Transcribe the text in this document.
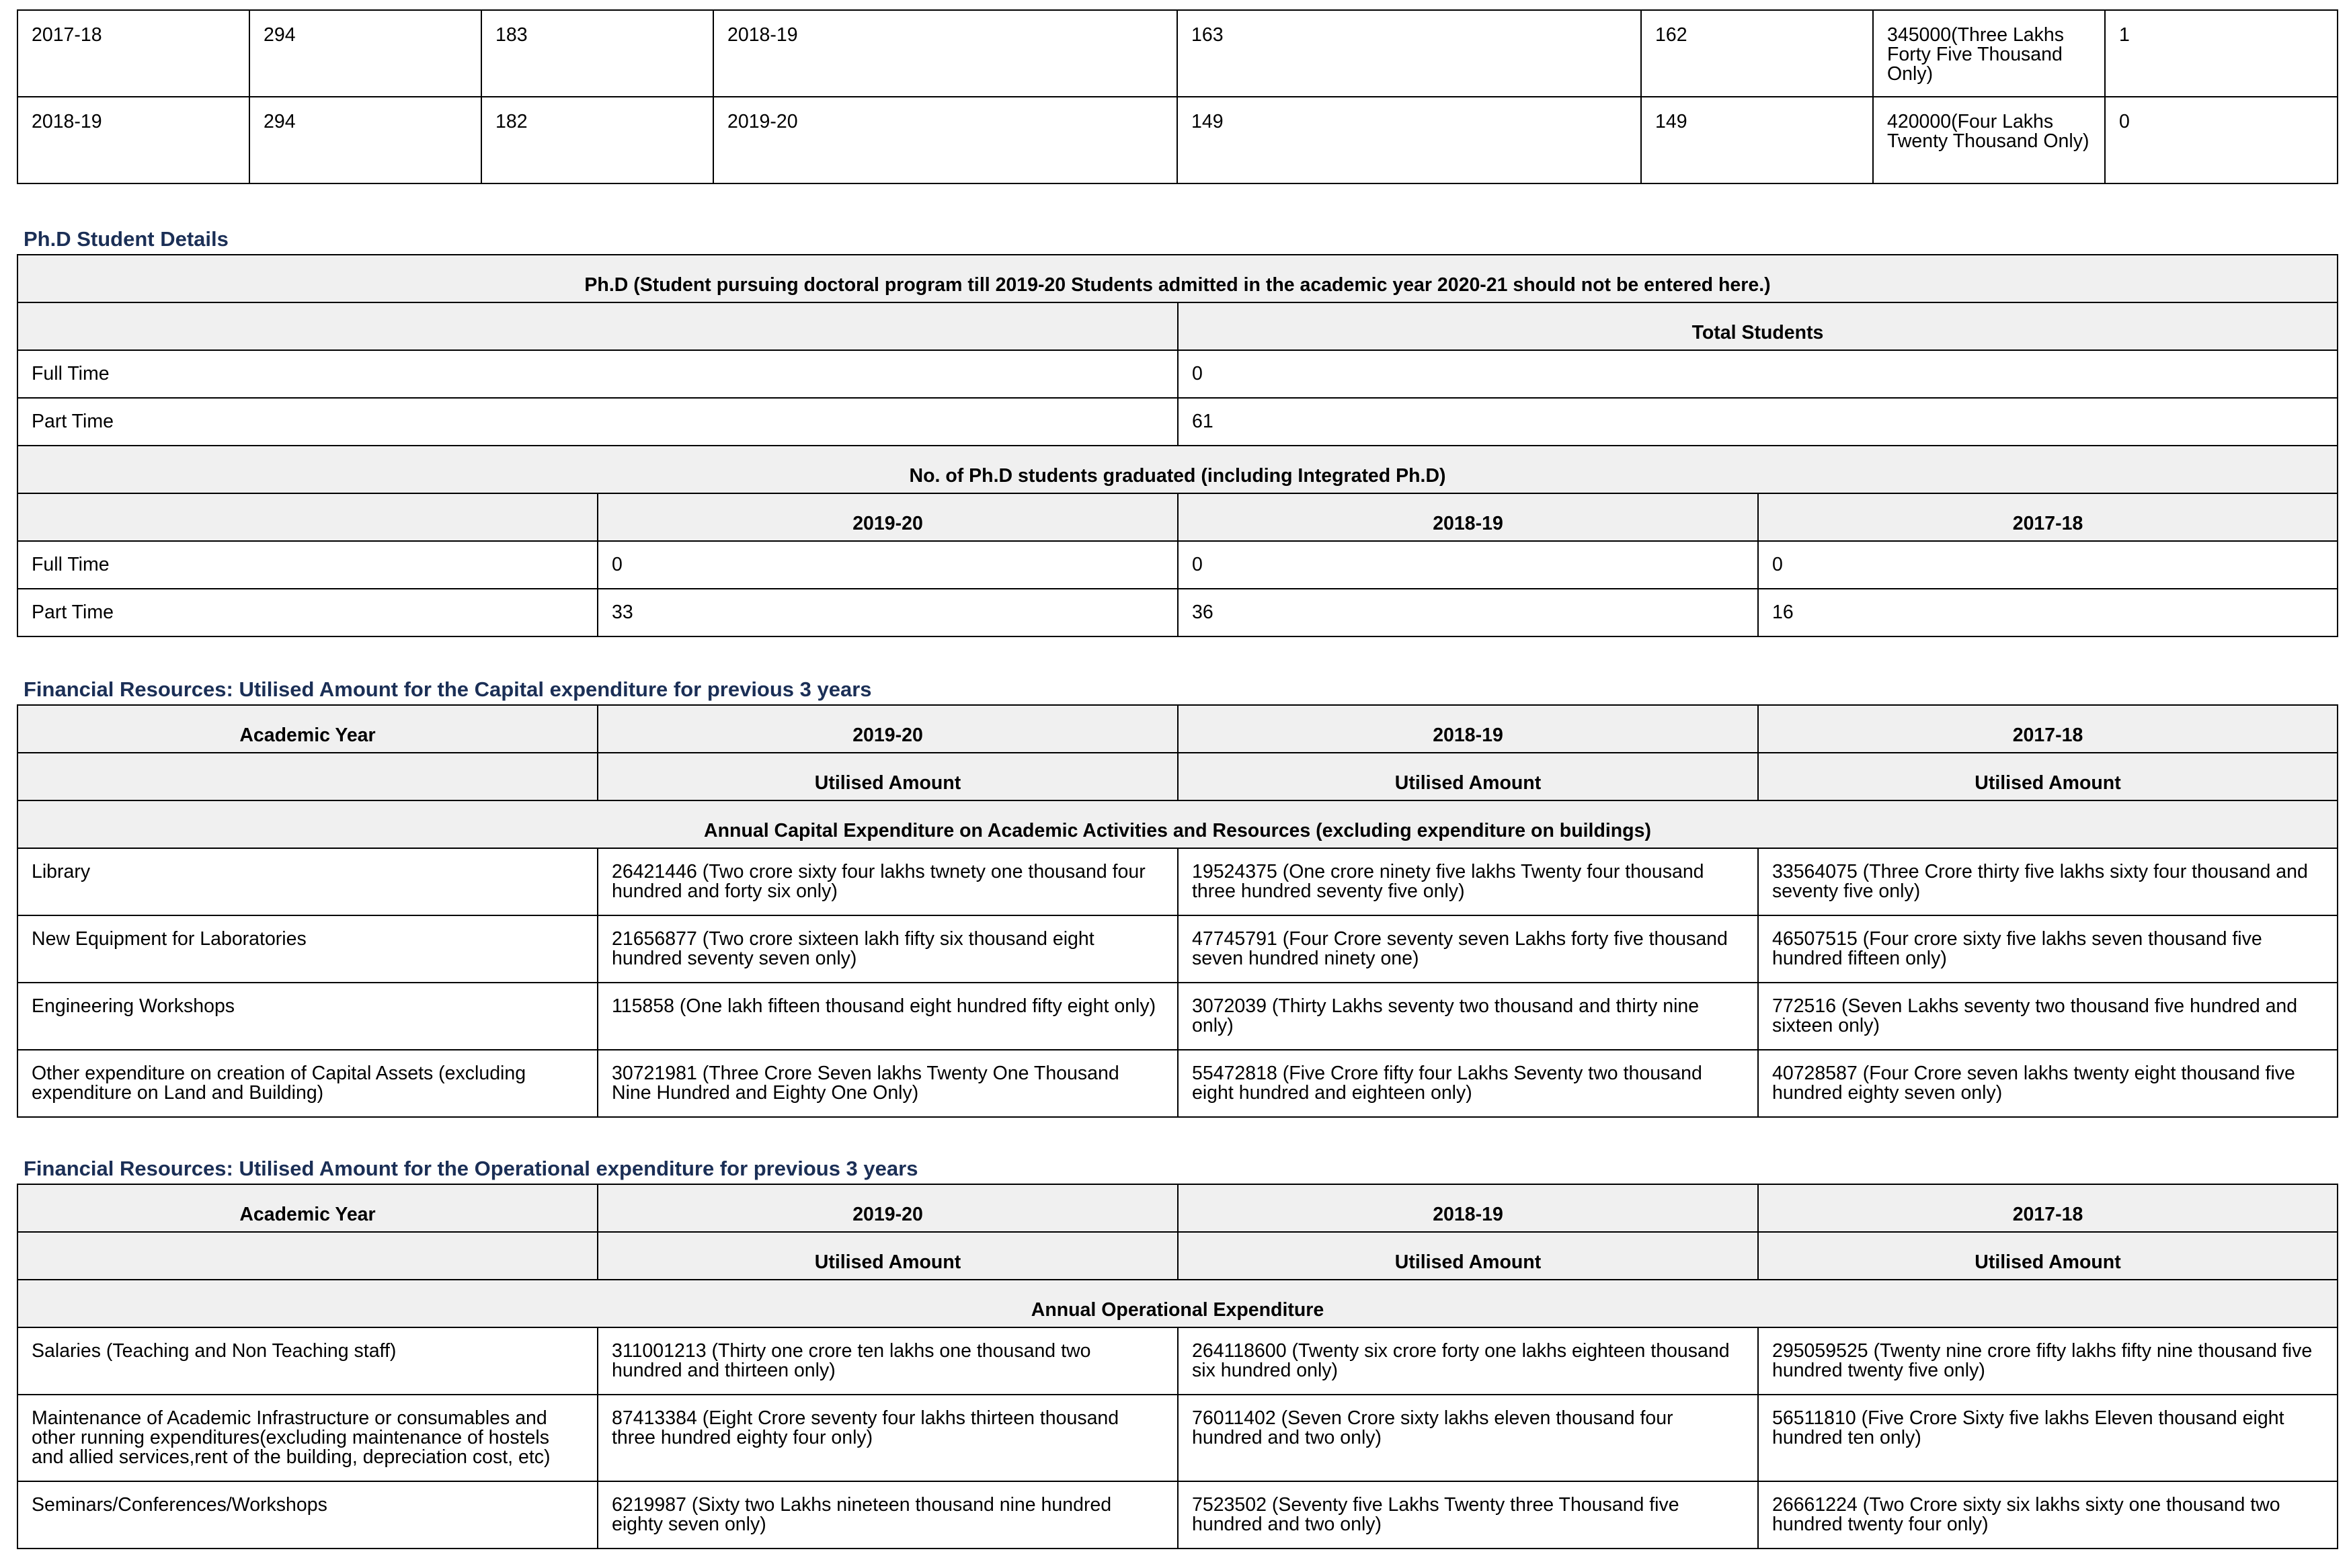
2017-18	294	183	2018-19	163	162	345000(Three Lakhs Forty Five Thousand Only)	1
2018-19	294	182	2019-20	149	149	420000(Four Lakhs Twenty Thousand Only)	0
Ph.D Student Details
Ph.D (Student pursuing doctoral program till 2019-20 Students admitted in the academic year 2020-21 should not be entered here.)			
		Total Students	
Full Time		0	
Part Time		61	
No. of Ph.D students graduated (including Integrated Ph.D)			
	2019-20	2018-19	2017-18
Full Time	0	0	0
Part Time	33	36	16
Financial Resources: Utilised Amount for the Capital expenditure for previous 3 years
Academic Year	2019-20	2018-19	2017-18
	Utilised Amount	Utilised Amount	Utilised Amount
Annual Capital Expenditure on Academic Activities and Resources (excluding expenditure on buildings)			
Library	26421446 (Two crore sixty four lakhs twnety one thousand four hundred and forty six only)	19524375 (One crore ninety five lakhs Twenty four thousand three hundred seventy five only)	33564075 (Three Crore thirty five lakhs sixty four thousand and seventy five only)
New Equipment for Laboratories	21656877 (Two crore sixteen lakh fifty six thousand eight hundred seventy seven only)	47745791 (Four Crore seventy seven Lakhs forty five thousand seven hundred ninety one)	46507515 (Four crore sixty five lakhs seven thousand five hundred fifteen only)
Engineering Workshops	115858 (One lakh fifteen thousand eight hundred fifty eight only)	3072039 (Thirty Lakhs seventy two thousand and thirty nine only)	772516 (Seven Lakhs seventy two thousand five hundred and sixteen only)
Other expenditure on creation of Capital Assets (excluding expenditure on Land and Building)	30721981 (Three Crore Seven lakhs Twenty One Thousand Nine Hundred and Eighty One Only)	55472818 (Five Crore fifty four Lakhs Seventy two thousand eight hundred and eighteen only)	40728587 (Four Crore seven lakhs twenty eight thousand five hundred eighty seven only)
Financial Resources: Utilised Amount for the Operational expenditure for previous 3 years
Academic Year	2019-20	2018-19	2017-18
	Utilised Amount	Utilised Amount	Utilised Amount
Annual Operational Expenditure			
Salaries (Teaching and Non Teaching staff)	311001213 (Thirty one crore ten lakhs one thousand two hundred and thirteen only)	264118600 (Twenty six crore forty one lakhs eighteen thousand six hundred only)	295059525 (Twenty nine crore fifty lakhs fifty nine thousand five hundred twenty five only)
Maintenance of Academic Infrastructure or consumables and other running expenditures(excluding maintenance of hostels and allied services,rent of the building, depreciation cost, etc)	87413384 (Eight Crore seventy four lakhs thirteen thousand three hundred eighty four only)	76011402 (Seven Crore sixty lakhs eleven thousand four hundred and two only)	56511810 (Five Crore Sixty five lakhs Eleven thousand eight hundred ten only)
Seminars/Conferences/Workshops	6219987 (Sixty two Lakhs nineteen thousand nine hundred eighty seven only)	7523502 (Seventy five Lakhs Twenty three Thousand five hundred and two only)	26661224 (Two Crore sixty six lakhs sixty one thousand two hundred twenty four only)
